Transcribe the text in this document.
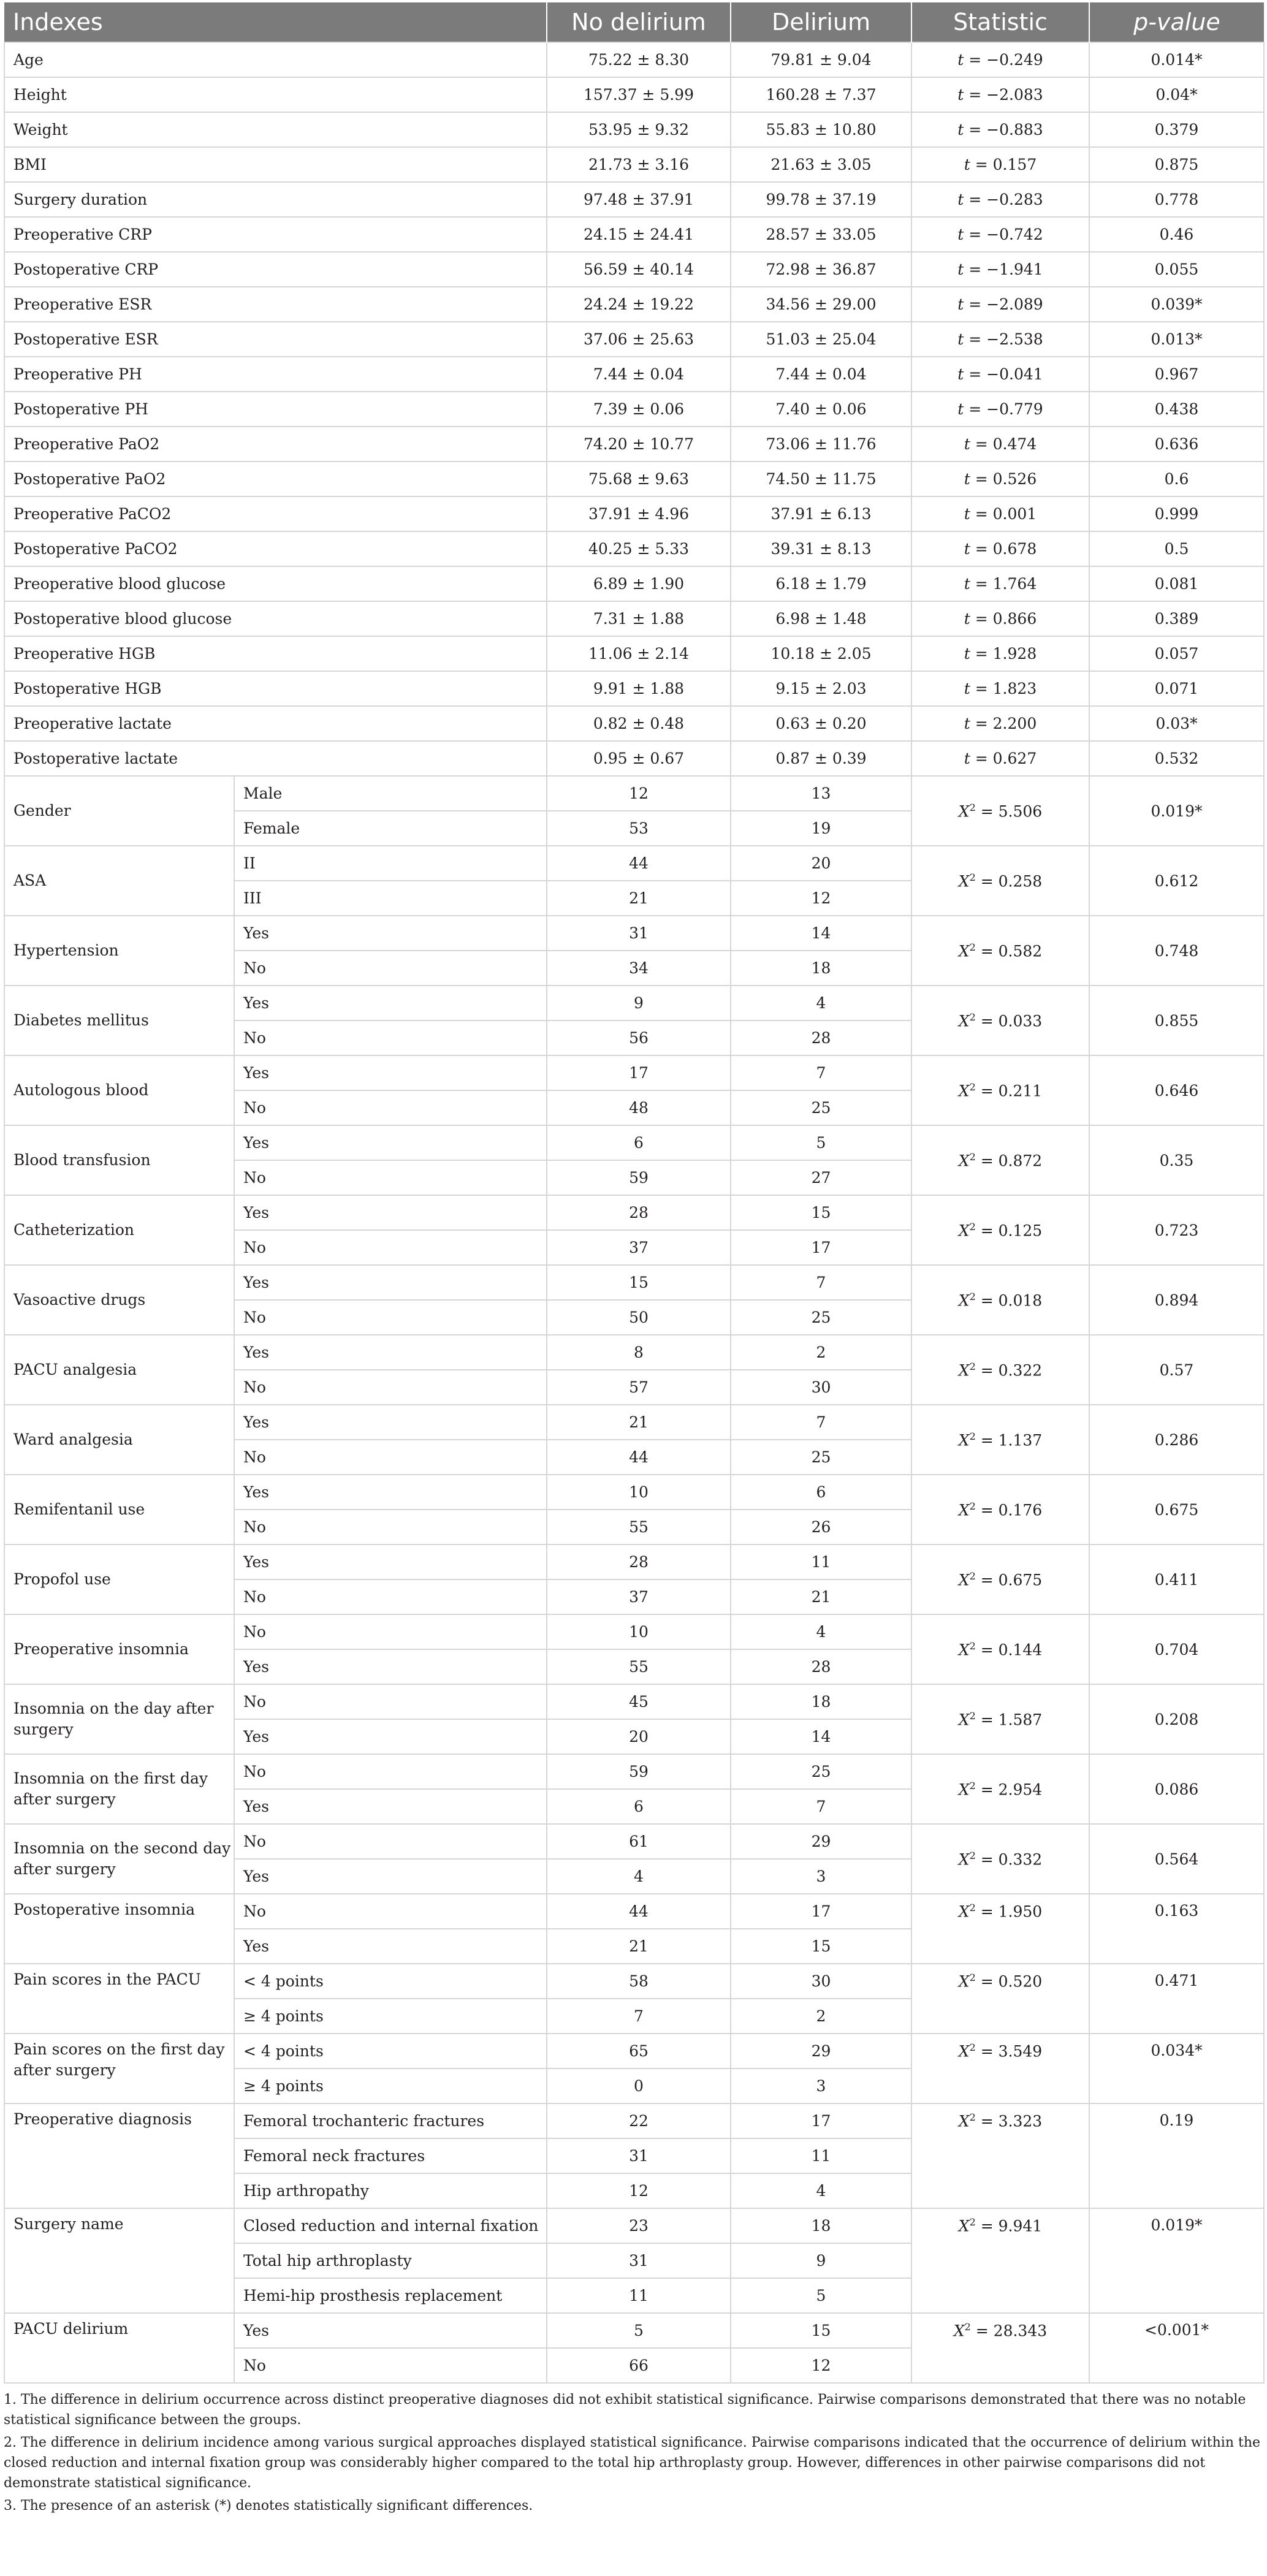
Indexes		No delirium	Delirium	Statistic	p-value
Age		75.22 ± 8.30	79.81 ± 9.04	t = −0.249	0.014*
Height		157.37 ± 5.99	160.28 ± 7.37	t = −2.083	0.04*
Weight		53.95 ± 9.32	55.83 ± 10.80	t = −0.883	0.379
BMI		21.73 ± 3.16	21.63 ± 3.05	t = 0.157	0.875
Surgery duration		97.48 ± 37.91	99.78 ± 37.19	t = −0.283	0.778
Preoperative CRP		24.15 ± 24.41	28.57 ± 33.05	t = −0.742	0.46
Postoperative CRP		56.59 ± 40.14	72.98 ± 36.87	t = −1.941	0.055
Preoperative ESR		24.24 ± 19.22	34.56 ± 29.00	t = −2.089	0.039*
Postoperative ESR		37.06 ± 25.63	51.03 ± 25.04	t = −2.538	0.013*
Preoperative PH		7.44 ± 0.04	7.44 ± 0.04	t = −0.041	0.967
Postoperative PH		7.39 ± 0.06	7.40 ± 0.06	t = −0.779	0.438
Preoperative PaO2		74.20 ± 10.77	73.06 ± 11.76	t = 0.474	0.636
Postoperative PaO2		75.68 ± 9.63	74.50 ± 11.75	t = 0.526	0.6
Preoperative PaCO2		37.91 ± 4.96	37.91 ± 6.13	t = 0.001	0.999
Postoperative PaCO2		40.25 ± 5.33	39.31 ± 8.13	t = 0.678	0.5
Preoperative blood glucose		6.89 ± 1.90	6.18 ± 1.79	t = 1.764	0.081
Postoperative blood glucose		7.31 ± 1.88	6.98 ± 1.48	t = 0.866	0.389
Preoperative HGB		11.06 ± 2.14	10.18 ± 2.05	t = 1.928	0.057
Postoperative HGB		9.91 ± 1.88	9.15 ± 2.03	t = 1.823	0.071
Preoperative lactate		0.82 ± 0.48	0.63 ± 0.20	t = 2.200	0.03*
Postoperative lactate		0.95 ± 0.67	0.87 ± 0.39	t = 0.627	0.532
Gender	Male	12	13	$X^2 = 5.506$	0.019*
	Female	53	19		
ASA	II	44	20	$X^2 = 0.258$	0.612
	III	21	12		
Hypertension	Yes	31	14	$X^2 = 0.582$	0.748
	No	34	18		
Diabetes mellitus	Yes	9	4	$X^2 = 0.033$	0.855
	No	56	28		
Autologous blood	Yes	17	7	$X^2 = 0.211$	0.646
	No	48	25		
Blood transfusion	Yes	6	5	$X^2 = 0.872$	0.35
	No	59	27		
Catheterization	Yes	28	15	$X^2 = 0.125$	0.723
	No	37	17		
Vasoactive drugs	Yes	15	7	$X^2 = 0.018$	0.894
	No	50	25		
PACU analgesia	Yes	8	2	$X^2 = 0.322$	0.57
	No	57	30		
Ward analgesia	Yes	21	7	$X^2 = 1.137$	0.286
	No	44	25		
Remifentanil use	Yes	10	6	$X^2 = 0.176$	0.675
	No	55	26		
Propofol use	Yes	28	11	$X^2 = 0.675$	0.411
	No	37	21		
Preoperative insomnia	No	10	4	$X^2 = 0.144$	0.704
	Yes	55	28		
Insomnia on the day after surgery	No	45	18	$X^2 = 1.587$	0.208
	Yes	20	14		
Insomnia on the first day after surgery	No	59	25	$X^2 = 2.954$	0.086
	Yes	6	7		
Insomnia on the second day after surgery	No	61	29	$X^2 = 0.332$	0.564
	Yes	4	3		
Postoperative insomnia	No	44	17	$X^2 = 1.950$	0.163
	Yes	21	15		
Pain scores in the PACU	< 4 points	58	30	$X^2 = 0.520$	0.471
	≥ 4 points	7	2		
Pain scores on the first day after surgery	< 4 points	65	29	$X^2 = 3.549$	0.034*
	≥ 4 points	0	3		
Preoperative diagnosis	Femoral trochanteric fractures	22	17	$X^2 = 3.323$	0.19
	Femoral neck fractures	31	11		
	Hip arthropathy	12	4		
Surgery name	Closed reduction and internal fixation	23	18	$X^2 = 9.941$	0.019*
	Total hip arthroplasty	31	9		
	Hemi-hip prosthesis replacement	11	5		
PACU delirium	Yes	5	15	$X^2 = 28.343$	<0.001*
	No	66	12		
1. The difference in delirium occurrence across distinct preoperative diagnoses did not exhibit statistical significance. Pairwise comparisons demonstrated that there was no notable statistical significance between the groups.
2. The difference in delirium incidence among various surgical approaches displayed statistical significance. Pairwise comparisons indicated that the occurrence of delirium within the closed reduction and internal fixation group was considerably higher compared to the total hip arthroplasty group. However, differences in other pairwise comparisons did not demonstrate statistical significance.
3. The presence of an asterisk (*) denotes statistically significant differences.
